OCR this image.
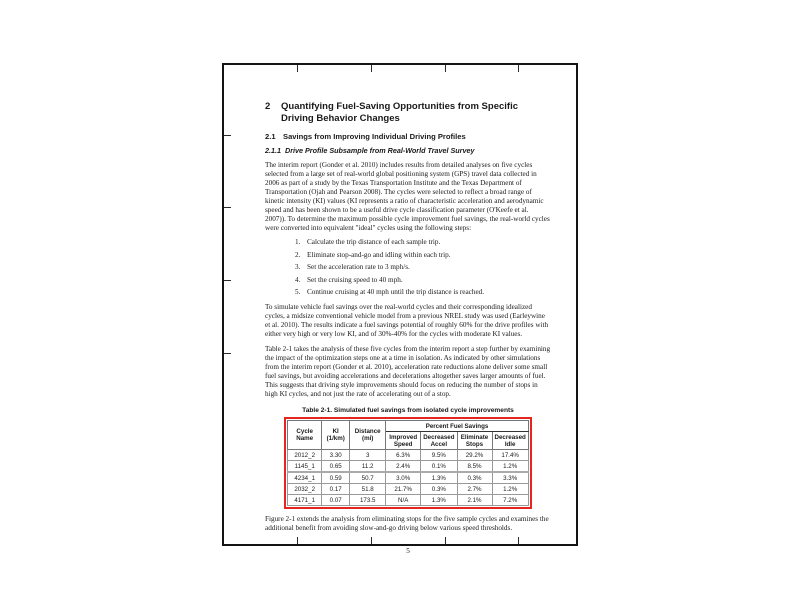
2	Quantifying Fuel-Saving Opportunities from Specific Driving Behavior Changes
2.1 Savings from Improving Individual Driving Profiles
2.1.1 Drive Profile Subsample from Real-World Travel Survey
The interim report (Gonder et al. 2010) includes results from detailed analyses on five cycles selected from a large set of real-world global positioning system (GPS) travel data collected in 2006 as part of a study by the Texas Transportation Institute and the Texas Department of Transportation (Ojah and Pearson 2008). The cycles were selected to reflect a broad range of kinetic intensity (KI) values (KI represents a ratio of characteristic acceleration and aerodynamic speed and has been shown to be a useful drive cycle classification parameter (O'Keefe et al. 2007)). To determine the maximum possible cycle improvement fuel savings, the real-world cycles were converted into equivalent "ideal" cycles using the following steps:
Calculate the trip distance of each sample trip.
Eliminate stop-and-go and idling within each trip.
Set the acceleration rate to 3 mph/s.
Set the cruising speed to 40 mph.
Continue cruising at 40 mph until the trip distance is reached.
To simulate vehicle fuel savings over the real-world cycles and their corresponding idealized cycles, a midsize conventional vehicle model from a previous NREL study was used (Earleywine et al. 2010). The results indicate a fuel savings potential of roughly 60% for the drive profiles with either very high or very low KI, and of 30%-40% for the cycles with moderate KI values.
Table 2-1 takes the analysis of these five cycles from the interim report a step further by examining the impact of the optimization steps one at a time in isolation. As indicated by other simulations from the interim report (Gonder et al. 2010), acceleration rate reductions alone deliver some small fuel savings, but avoiding accelerations and decelerations altogether saves larger amounts of fuel. This suggests that driving style improvements should focus on reducing the number of stops in high KI cycles, and not just the rate of accelerating out of a stop.
Table 2-1. Simulated fuel savings from isolated cycle improvements
Cycle Name	KI (1/km)	Distance (mi)	Percent Fuel Savings			
			Improved Speed	Decreased Accel	Eliminate Stops	Decreased Idle
2012_2	3.30	3	6.3%	9.5%	29.2%	17.4%
1145_1	0.65	11.2	2.4%	0.1%	8.5%	1.2%
4234_1	0.59	50.7	3.0%	1.3%	0.3%	3.3%
2032_2	0.17	51.8	21.7%	0.3%	2.7%	1.2%
4171_1	0.07	173.5	N/A	1.3%	2.1%	7.2%
Figure 2-1 extends the analysis from eliminating stops for the five sample cycles and examines the additional benefit from avoiding slow-and-go driving below various speed thresholds.
5
